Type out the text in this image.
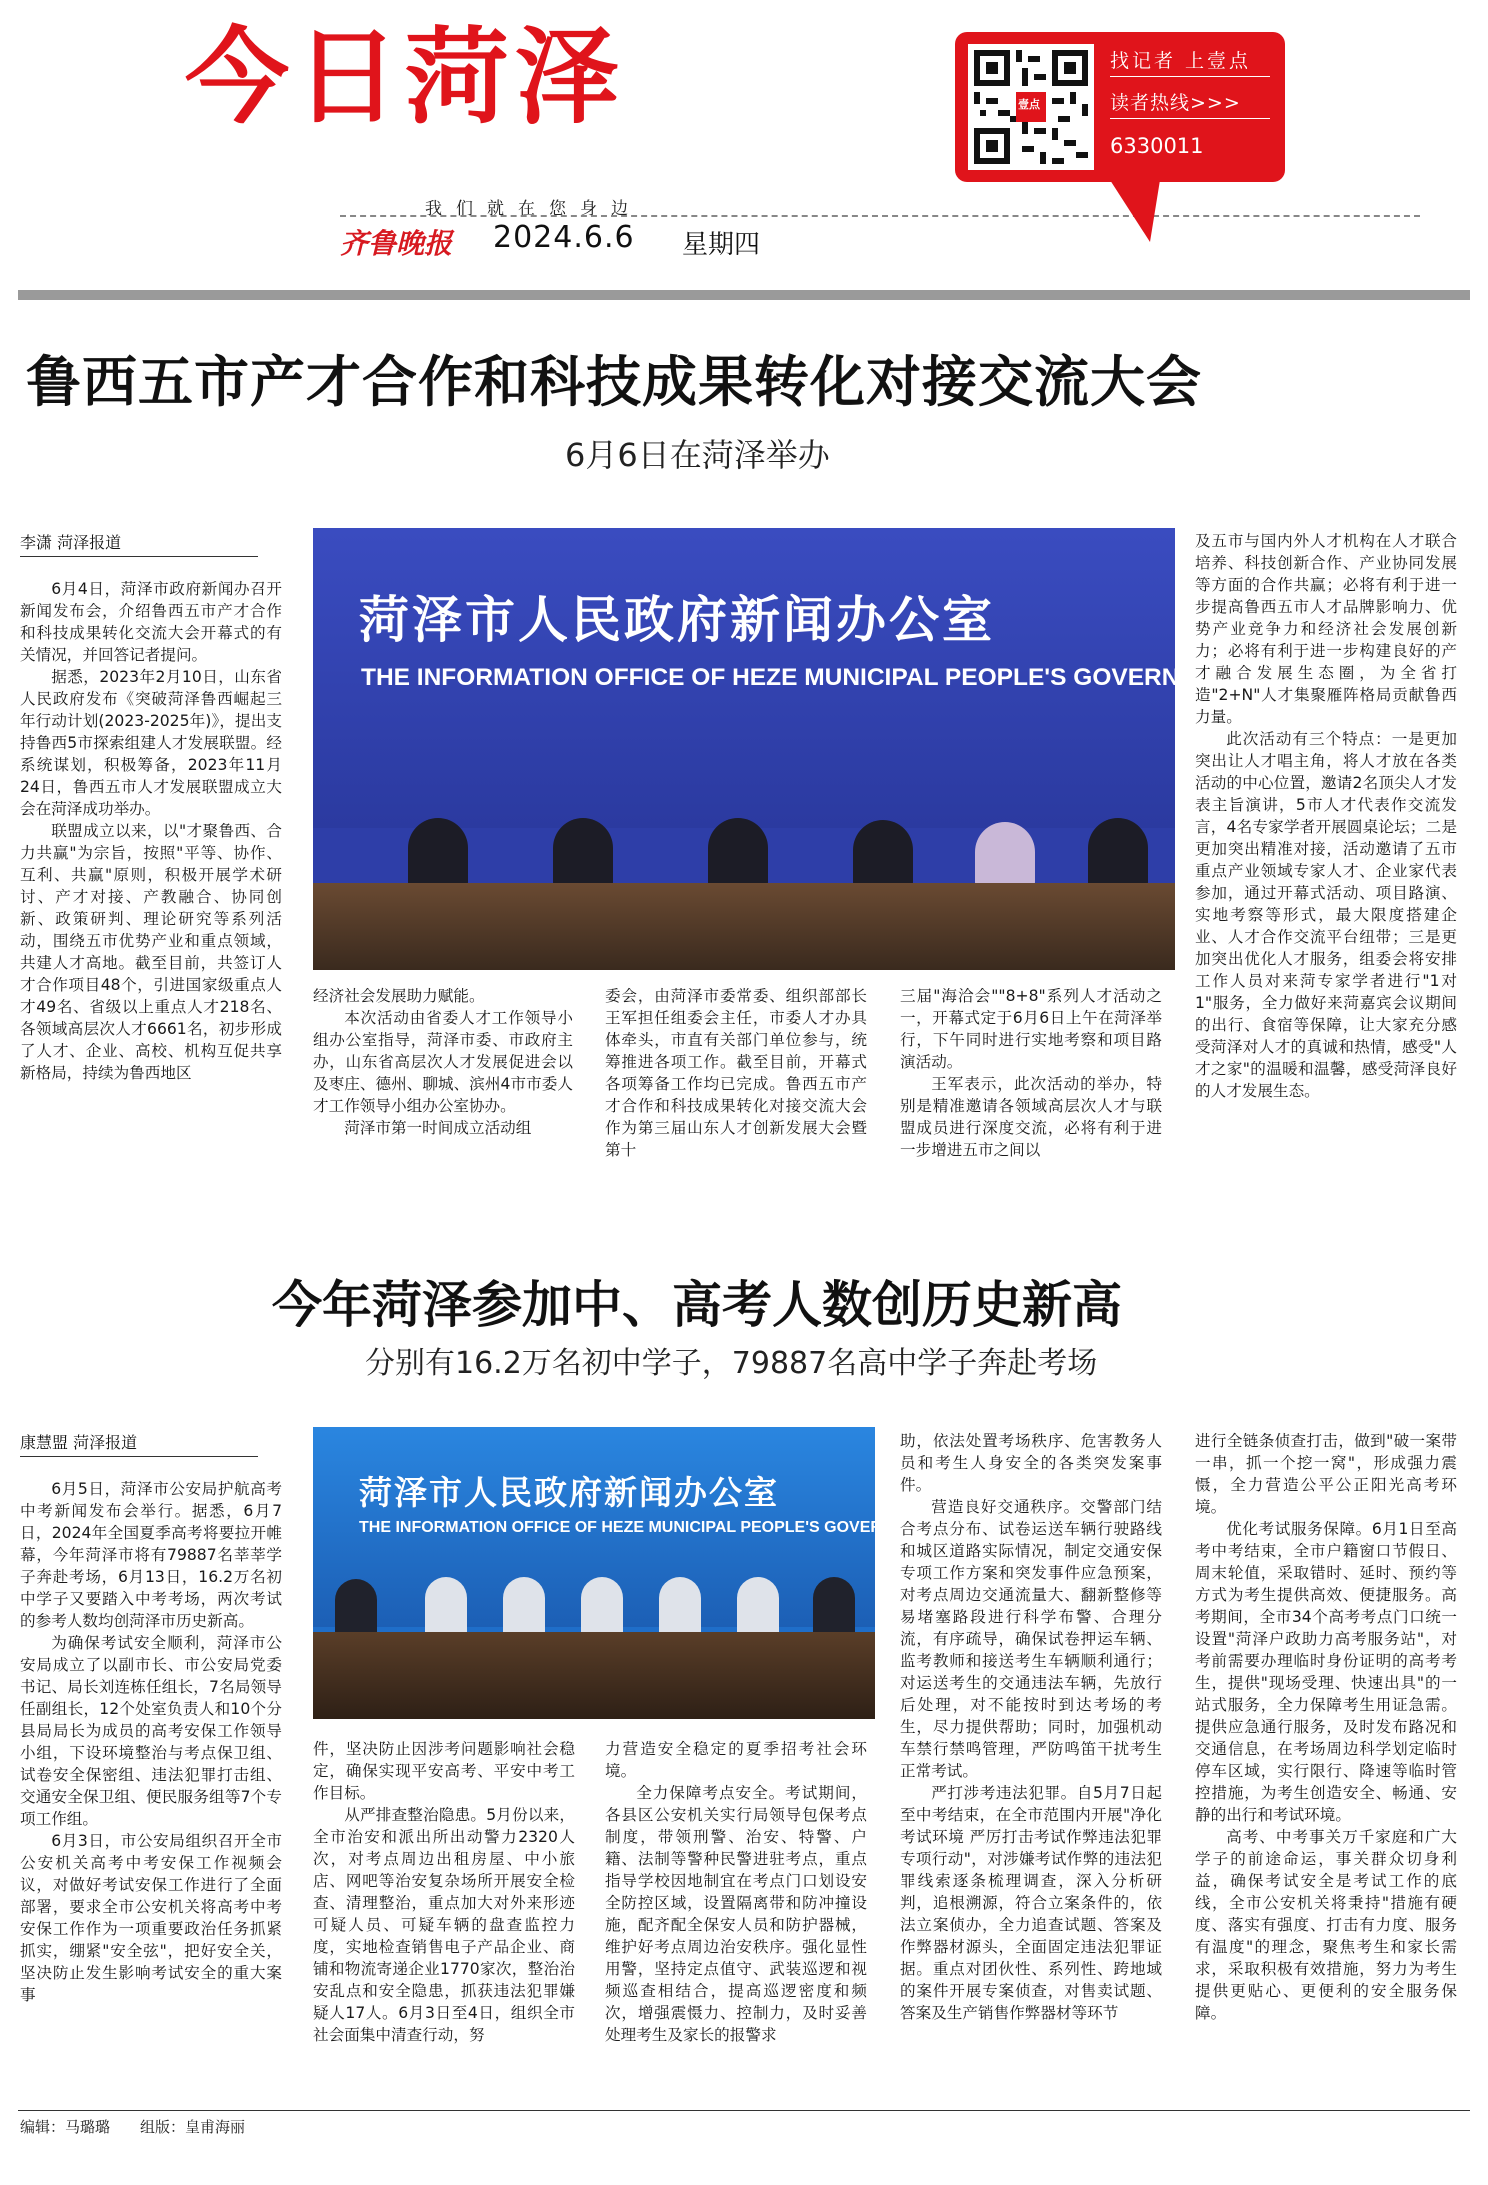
今日菏泽
我们就在您身边
齐鲁晚报 2024.6.6 星期四
壹点
找记者 上壹点
读者热线>>>
6330011
鲁西五市产才合作和科技成果转化对接交流大会
6月6日在菏泽举办
李潇 菏泽报道
菏泽市人民政府新闻办公室
THE INFORMATION OFFICE OF HEZE MUNICIPAL PEOPLE'S GOVERNMENT

6月4日，菏泽市政府新闻办召开新闻发布会，介绍鲁西五市产才合作和科技成果转化交流大会开幕式的有关情况，并回答记者提问。

据悉，2023年2月10日，山东省人民政府发布《突破菏泽鲁西崛起三年行动计划(2023-2025年)》，提出支持鲁西5市探索组建人才发展联盟。经系统谋划，积极筹备，2023年11月24日，鲁西五市人才发展联盟成立大会在菏泽成功举办。

联盟成立以来，以"才聚鲁西、合力共赢"为宗旨，按照"平等、协作、互利、共赢"原则，积极开展学术研讨、产才对接、产教融合、协同创新、政策研判、理论研究等系列活动，围绕五市优势产业和重点领域，共建人才高地。截至目前，共签订人才合作项目48个，引进国家级重点人才49名、省级以上重点人才218名、各领域高层次人才6661名，初步形成了人才、企业、高校、机构互促共享新格局，持续为鲁西地区

经济社会发展助力赋能。

本次活动由省委人才工作领导小组办公室指导，菏泽市委、市政府主办，山东省高层次人才发展促进会以及枣庄、德州、聊城、滨州4市市委人才工作领导小组办公室协办。

菏泽市第一时间成立活动组

委会，由菏泽市委常委、组织部部长王军担任组委会主任，市委人才办具体牵头，市直有关部门单位参与，统筹推进各项工作。截至目前，开幕式各项筹备工作均已完成。鲁西五市产才合作和科技成果转化对接交流大会作为第三届山东人才创新发展大会暨第十

三届"海洽会""8+8"系列人才活动之一，开幕式定于6月6日上午在菏泽举行，下午同时进行实地考察和项目路演活动。

王军表示，此次活动的举办，特别是精准邀请各领域高层次人才与联盟成员进行深度交流，必将有利于进一步增进五市之间以

及五市与国内外人才机构在人才联合培养、科技创新合作、产业协同发展等方面的合作共赢；必将有利于进一步提高鲁西五市人才品牌影响力、优势产业竞争力和经济社会发展创新力；必将有利于进一步构建良好的产才融合发展生态圈，为全省打造"2+N"人才集聚雁阵格局贡献鲁西力量。

此次活动有三个特点：一是更加突出让人才唱主角，将人才放在各类活动的中心位置，邀请2名顶尖人才发表主旨演讲，5市人才代表作交流发言，4名专家学者开展圆桌论坛；二是更加突出精准对接，活动邀请了五市重点产业领域专家人才、企业家代表参加，通过开幕式活动、项目路演、实地考察等形式，最大限度搭建企业、人才合作交流平台纽带；三是更加突出优化人才服务，组委会将安排工作人员对来菏专家学者进行"1对1"服务，全力做好来菏嘉宾会议期间的出行、食宿等保障，让大家充分感受菏泽对人才的真诚和热情，感受"人才之家"的温暖和温馨，感受菏泽良好的人才发展生态。

今年菏泽参加中、高考人数创历史新高
分别有16.2万名初中学子，79887名高中学子奔赴考场
康慧盟 菏泽报道
菏泽市人民政府新闻办公室
THE INFORMATION OFFICE OF HEZE MUNICIPAL PEOPLE'S GOVERNMENT

6月5日，菏泽市公安局护航高考中考新闻发布会举行。据悉，6月7日，2024年全国夏季高考将要拉开帷幕，今年菏泽市将有79887名莘莘学子奔赴考场，6月13日，16.2万名初中学子又要踏入中考考场，两次考试的参考人数均创菏泽市历史新高。

为确保考试安全顺利，菏泽市公安局成立了以副市长、市公安局党委书记、局长刘连栋任组长，7名局领导任副组长，12个处室负责人和10个分县局局长为成员的高考安保工作领导小组，下设环境整治与考点保卫组、试卷安全保密组、违法犯罪打击组、交通安全保卫组、便民服务组等7个专项工作组。

6月3日，市公安局组织召开全市公安机关高考中考安保工作视频会议，对做好考试安保工作进行了全面部署，要求全市公安机关将高考中考安保工作作为一项重要政治任务抓紧抓实，绷紧"安全弦"，把好安全关，坚决防止发生影响考试安全的重大案事

件，坚决防止因涉考问题影响社会稳定，确保实现平安高考、平安中考工作目标。

从严排查整治隐患。5月份以来，全市治安和派出所出动警力2320人次，对考点周边出租房屋、中小旅店、网吧等治安复杂场所开展安全检查、清理整治，重点加大对外来形迹可疑人员、可疑车辆的盘查监控力度，实地检查销售电子产品企业、商铺和物流寄递企业1770家次，整治治安乱点和安全隐患，抓获违法犯罪嫌疑人17人。6月3日至4日，组织全市社会面集中清查行动，努

力营造安全稳定的夏季招考社会环境。

全力保障考点安全。考试期间，各县区公安机关实行局领导包保考点制度，带领刑警、治安、特警、户籍、法制等警种民警进驻考点，重点指导学校因地制宜在考点门口划设安全防控区域，设置隔离带和防冲撞设施，配齐配全保安人员和防护器械，维护好考点周边治安秩序。强化显性用警，坚持定点值守、武装巡逻和视频巡查相结合，提高巡逻密度和频次，增强震慑力、控制力，及时妥善处理考生及家长的报警求

助，依法处置考场秩序、危害教务人员和考生人身安全的各类突发案事件。

营造良好交通秩序。交警部门结合考点分布、试卷运送车辆行驶路线和城区道路实际情况，制定交通安保专项工作方案和突发事件应急预案，对考点周边交通流量大、翻新整修等易堵塞路段进行科学布警、合理分流，有序疏导，确保试卷押运车辆、监考教师和接送考生车辆顺利通行；对运送考生的交通违法车辆，先放行后处理，对不能按时到达考场的考生，尽力提供帮助；同时，加强机动车禁行禁鸣管理，严防鸣笛干扰考生正常考试。

严打涉考违法犯罪。自5月7日起至中考结束，在全市范围内开展"净化考试环境 严厉打击考试作弊违法犯罪专项行动"，对涉嫌考试作弊的违法犯罪线索逐条梳理调查，深入分析研判，追根溯源，符合立案条件的，依法立案侦办，全力追查试题、答案及作弊器材源头，全面固定违法犯罪证据。重点对团伙性、系列性、跨地域的案件开展专案侦查，对售卖试题、答案及生产销售作弊器材等环节

进行全链条侦查打击，做到"破一案带一串，抓一个挖一窝"，形成强力震慑，全力营造公平公正阳光高考环境。

优化考试服务保障。6月1日至高考中考结束，全市户籍窗口节假日、周末轮值，采取错时、延时、预约等方式为考生提供高效、便捷服务。高考期间，全市34个高考考点门口统一设置"菏泽户政助力高考服务站"，对考前需要办理临时身份证明的高考考生，提供"现场受理、快速出具"的一站式服务，全力保障考生用证急需。提供应急通行服务，及时发布路况和交通信息，在考场周边科学划定临时停车区域，实行限行、降速等临时管控措施，为考生创造安全、畅通、安静的出行和考试环境。

高考、中考事关万千家庭和广大学子的前途命运，事关群众切身利益，确保考试安全是考试工作的底线，全市公安机关将秉持"措施有硬度、落实有强度、打击有力度、服务有温度"的理念，聚焦考生和家长需求，采取积极有效措施，努力为考生提供更贴心、更便利的安全服务保障。

编辑：马璐璐 组版：皇甫海丽
